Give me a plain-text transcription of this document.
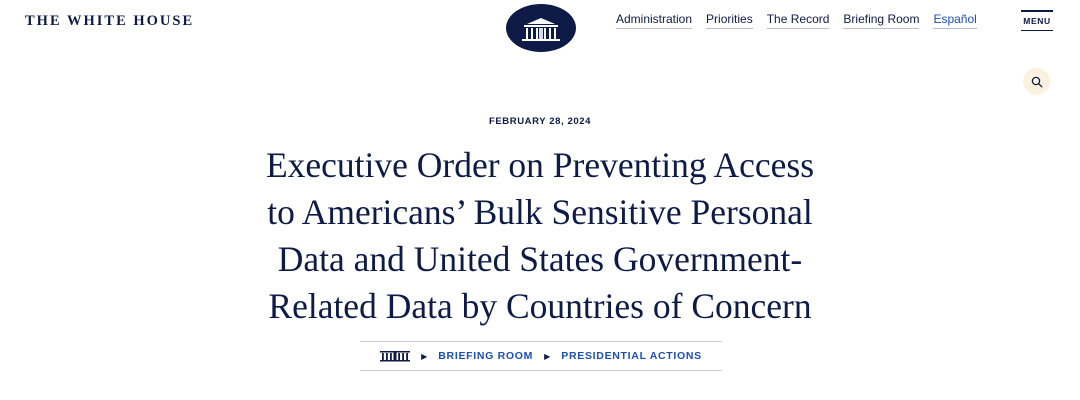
THE WHITE HOUSE	Administration Priorities The Record Briefing Room Español	MENU
FEBRUARY 28, 2024
Executive Order on Preventing Access
to Americans’ Bulk Sensitive Personal
Data and United States Government-
Related Data by Countries of Concern
▶ BRIEFING ROOM ▶ PRESIDENTIAL ACTIONS
